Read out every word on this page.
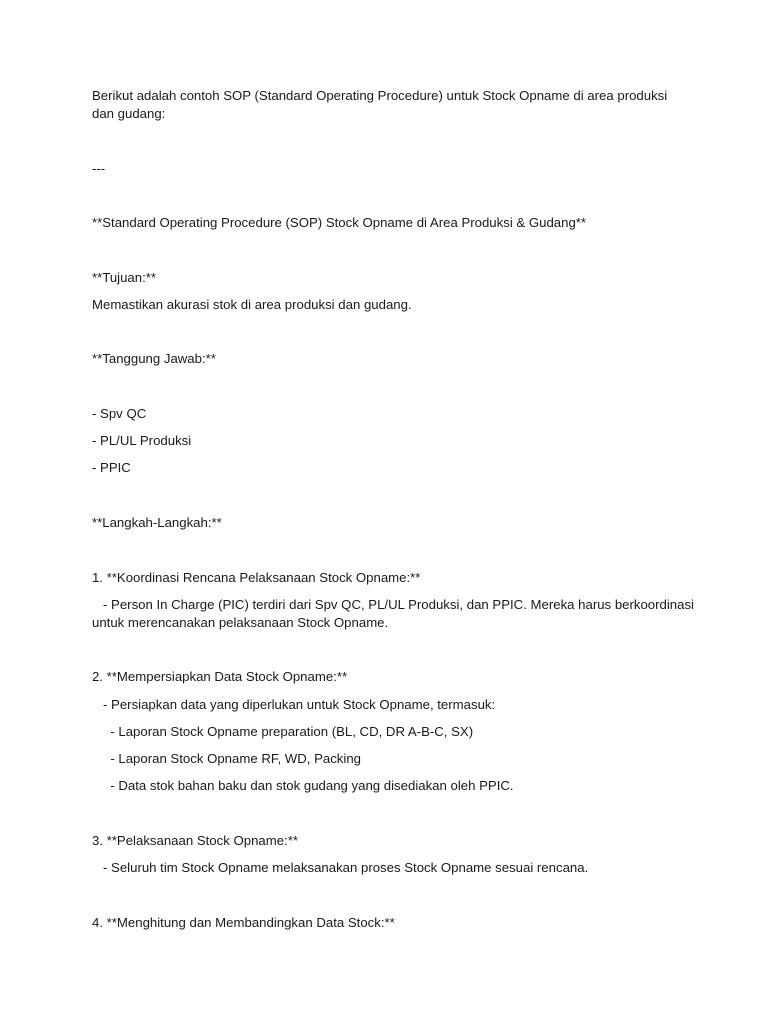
Berikut adalah contoh SOP (Standard Operating Procedure) untuk Stock Opname di area produksi
dan gudang:
---
**Standard Operating Procedure (SOP) Stock Opname di Area Produksi & Gudang**
**Tujuan:**
Memastikan akurasi stok di area produksi dan gudang.
**Tanggung Jawab:**
- Spv QC
- PL/UL Produksi
- PPIC
**Langkah-Langkah:**
1. **Koordinasi Rencana Pelaksanaan Stock Opname:**
- Person In Charge (PIC) terdiri dari Spv QC, PL/UL Produksi, dan PPIC. Mereka harus berkoordinasi
untuk merencanakan pelaksanaan Stock Opname.
2. **Mempersiapkan Data Stock Opname:**
- Persiapkan data yang diperlukan untuk Stock Opname, termasuk:
- Laporan Stock Opname preparation (BL, CD, DR A-B-C, SX)
- Laporan Stock Opname RF, WD, Packing
- Data stok bahan baku dan stok gudang yang disediakan oleh PPIC.
3. **Pelaksanaan Stock Opname:**
- Seluruh tim Stock Opname melaksanakan proses Stock Opname sesuai rencana.
4. **Menghitung dan Membandingkan Data Stock:**
